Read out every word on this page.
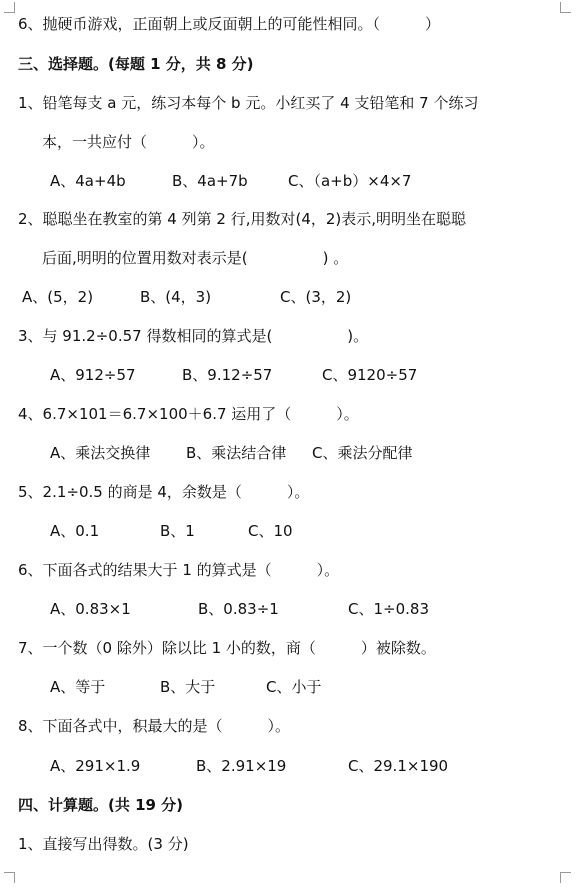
6、抛硬币游戏，正面朝上或反面朝上的可能性相同。（　　　）
三、选择题。(每题 1 分，共 8 分)
1、铅笔每支 a 元，练习本每个 b 元。小红买了 4 支铅笔和 7 个练习
本，一共应付（　　　）。
A、4a+4b	B、4a+7b	C、（a+b）×4×7
2、聪聪坐在教室的第 4 列第 2 行,用数对(4，2)表示,明明坐在聪聪
后面,明明的位置用数对表示是(　　　　　) 。
A、(5，2)	B、(4，3)	C、(3，2)
3、与 91.2÷0.57 得数相同的算式是(　　　　　)。
A、912÷57	B、9.12÷57	C、9120÷57
4、6.7×101＝6.7×100＋6.7 运用了（　　　）。
A、乘法交换律 B、乘法结合律 C、乘法分配律
5、2.1÷0.5 的商是 4，余数是（　　　）。
A、0.1	B、1	C、10
6、下面各式的结果大于 1 的算式是（　　　）。
A、0.83×1	B、0.83÷1	C、1÷0.83
7、一个数（0 除外）除以比 1 小的数，商（　　　）被除数。
A、等于	B、大于	C、小于
8、下面各式中，积最大的是（　　　）。
A、291×1.9	B、2.91×19	C、29.1×190
四、计算题。(共 19 分)
1、直接写出得数。(3 分)
